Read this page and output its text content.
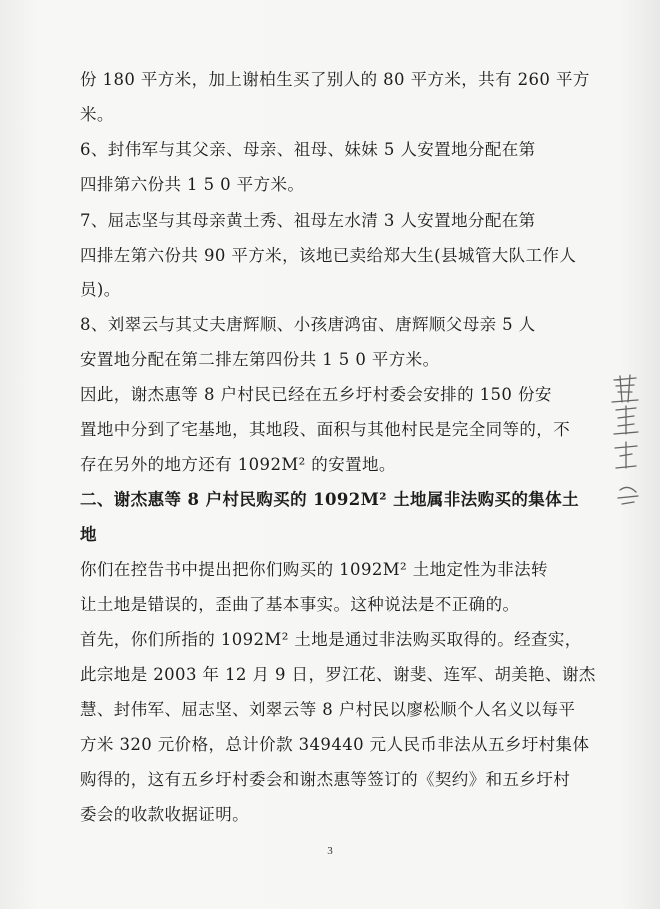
份 180 平方米，加上谢柏生买了别人的 80 平方米，共有 260 平方
米。
6、封伟军与其父亲、母亲、祖母、妹妹 5 人安置地分配在第
四排第六份共 1 5 0 平方米。
7、屈志坚与其母亲黄土秀、祖母左水清 3 人安置地分配在第
四排左第六份共 90 平方米，该地已卖给郑大生(县城管大队工作人
员)。
8、刘翠云与其丈夫唐辉顺、小孩唐鸿宙、唐辉顺父母亲 5 人
安置地分配在第二排左第四份共 1 5 0 平方米。
因此，谢杰惠等 8 户村民已经在五乡圩村委会安排的 150 份安
置地中分到了宅基地，其地段、面积与其他村民是完全同等的，不
存在另外的地方还有 1092M² 的安置地。
二、谢杰惠等 8 户村民购买的 1092M² 土地属非法购买的集体土
地
你们在控告书中提出把你们购买的 1092M² 土地定性为非法转
让土地是错误的，歪曲了基本事实。这种说法是不正确的。
首先，你们所指的 1092M² 土地是通过非法购买取得的。经查实，
此宗地是 2003 年 12 月 9 日，罗江花、谢斐、连军、胡美艳、谢杰
慧、封伟军、屈志坚、刘翠云等 8 户村民以廖松顺个人名义以每平
方米 320 元价格，总计价款 349440 元人民币非法从五乡圩村集体
购得的，这有五乡圩村委会和谢杰惠等签订的《契约》和五乡圩村
委会的收款收据证明。
3
